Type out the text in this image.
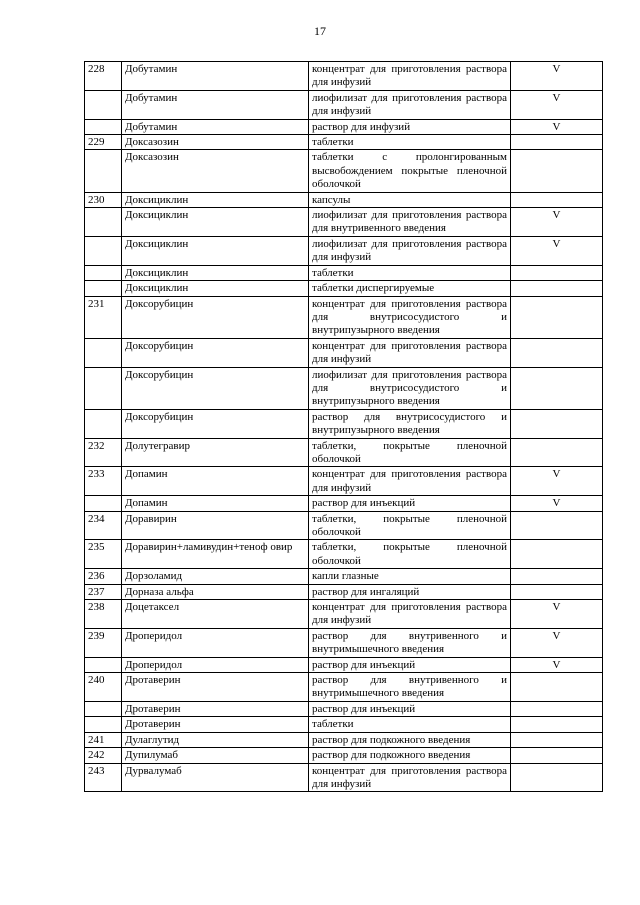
17
228	Добутамин	концентрат для приготовления раствора для инфузий	V
	Добутамин	лиофилизат для приготовления раствора для инфузий	V
	Добутамин	раствор для инфузий	V
229	Доксазозин	таблетки	
	Доксазозин	таблетки с пролонгированным высвобождением покрытые пленочной оболочкой	
230	Доксициклин	капсулы	
	Доксициклин	лиофилизат для приготовления раствора для внутривенного введения	V
	Доксициклин	лиофилизат для приготовления раствора для инфузий	V
	Доксициклин	таблетки	
	Доксициклин	таблетки диспергируемые	
231	Доксорубицин	концентрат для приготовления раствора для внутрисосудистого и внутрипузырного введения	
	Доксорубицин	концентрат для приготовления раствора для инфузий	
	Доксорубицин	лиофилизат для приготовления раствора для внутрисосудистого и внутрипузырного введения	
	Доксорубицин	раствор для внутрисосудистого и внутрипузырного введения	
232	Долутегравир	таблетки, покрытые пленочной оболочкой	
233	Допамин	концентрат для приготовления раствора для инфузий	V
	Допамин	раствор для инъекций	V
234	Доравирин	таблетки, покрытые пленочной оболочкой	
235	Доравирин+ламивудин+теноф овир	таблетки, покрытые пленочной оболочкой	
236	Дорзоламид	капли глазные	
237	Дорназа альфа	раствор для ингаляций	
238	Доцетаксел	концентрат для приготовления раствора для инфузий	V
239	Дроперидол	раствор для внутривенного и внутримышечного введения	V
	Дроперидол	раствор для инъекций	V
240	Дротаверин	раствор для внутривенного и внутримышечного введения	
	Дротаверин	раствор для инъекций	
	Дротаверин	таблетки	
241	Дулаглутид	раствор для подкожного введения	
242	Дупилумаб	раствор для подкожного введения	
243	Дурвалумаб	концентрат для приготовления раствора для инфузий	
